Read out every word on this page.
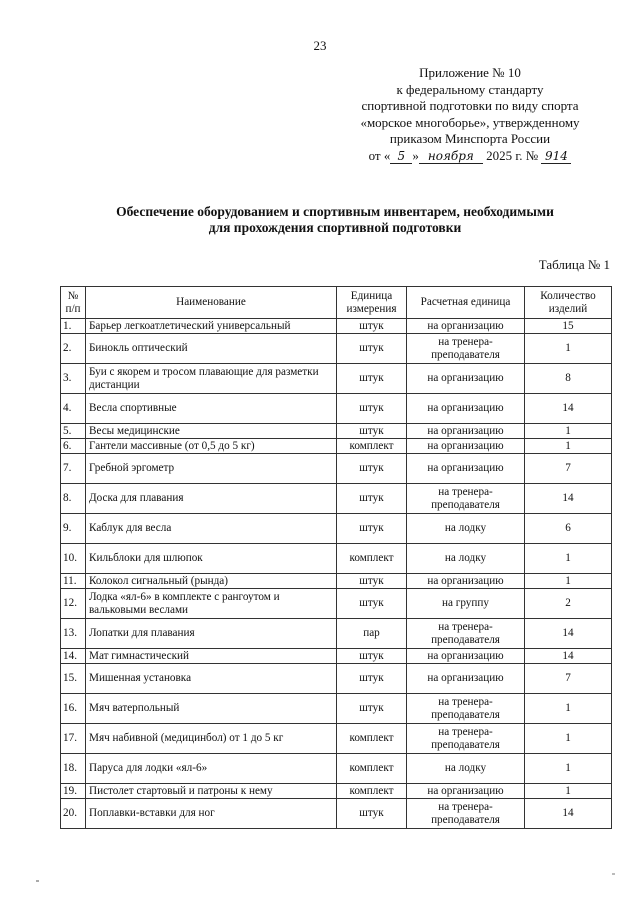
23
Приложение № 10
к федеральному стандарту
спортивной подготовки по виду спорта
«морское многоборье», утвержденному
приказом Минспорта России
от « 5 » ноября 2025 г. № 914
Обеспечение оборудованием и спортивным инвентарем, необходимыми
для прохождения спортивной подготовки
Таблица № 1
№ п/п	Наименование	Единица измерения	Расчетная единица	Количество изделий
1.	Барьер легкоатлетический универсальный	штук	на организацию	15
2.	Бинокль оптический	штук	на тренера-преподавателя	1
3.	Буи с якорем и тросом плавающие для разметки дистанции	штук	на организацию	8
4.	Весла спортивные	штук	на организацию	14
5.	Весы медицинские	штук	на организацию	1
6.	Гантели массивные (от 0,5 до 5 кг)	комплект	на организацию	1
7.	Гребной эргометр	штук	на организацию	7
8.	Доска для плавания	штук	на тренера-преподавателя	14
9.	Каблук для весла	штук	на лодку	6
10.	Кильблоки для шлюпок	комплект	на лодку	1
11.	Колокол сигнальный (рында)	штук	на организацию	1
12.	Лодка «ял-6» в комплекте с рангоутом и вальковыми веслами	штук	на группу	2
13.	Лопатки для плавания	пар	на тренера-преподавателя	14
14.	Мат гимнастический	штук	на организацию	14
15.	Мишенная установка	штук	на организацию	7
16.	Мяч ватерпольный	штук	на тренера-преподавателя	1
17.	Мяч набивной (медицинбол) от 1 до 5 кг	комплект	на тренера-преподавателя	1
18.	Паруса для лодки «ял-6»	комплект	на лодку	1
19.	Пистолет стартовый и патроны к нему	комплект	на организацию	1
20.	Поплавки-вставки для ног	штук	на тренера-преподавателя	14
